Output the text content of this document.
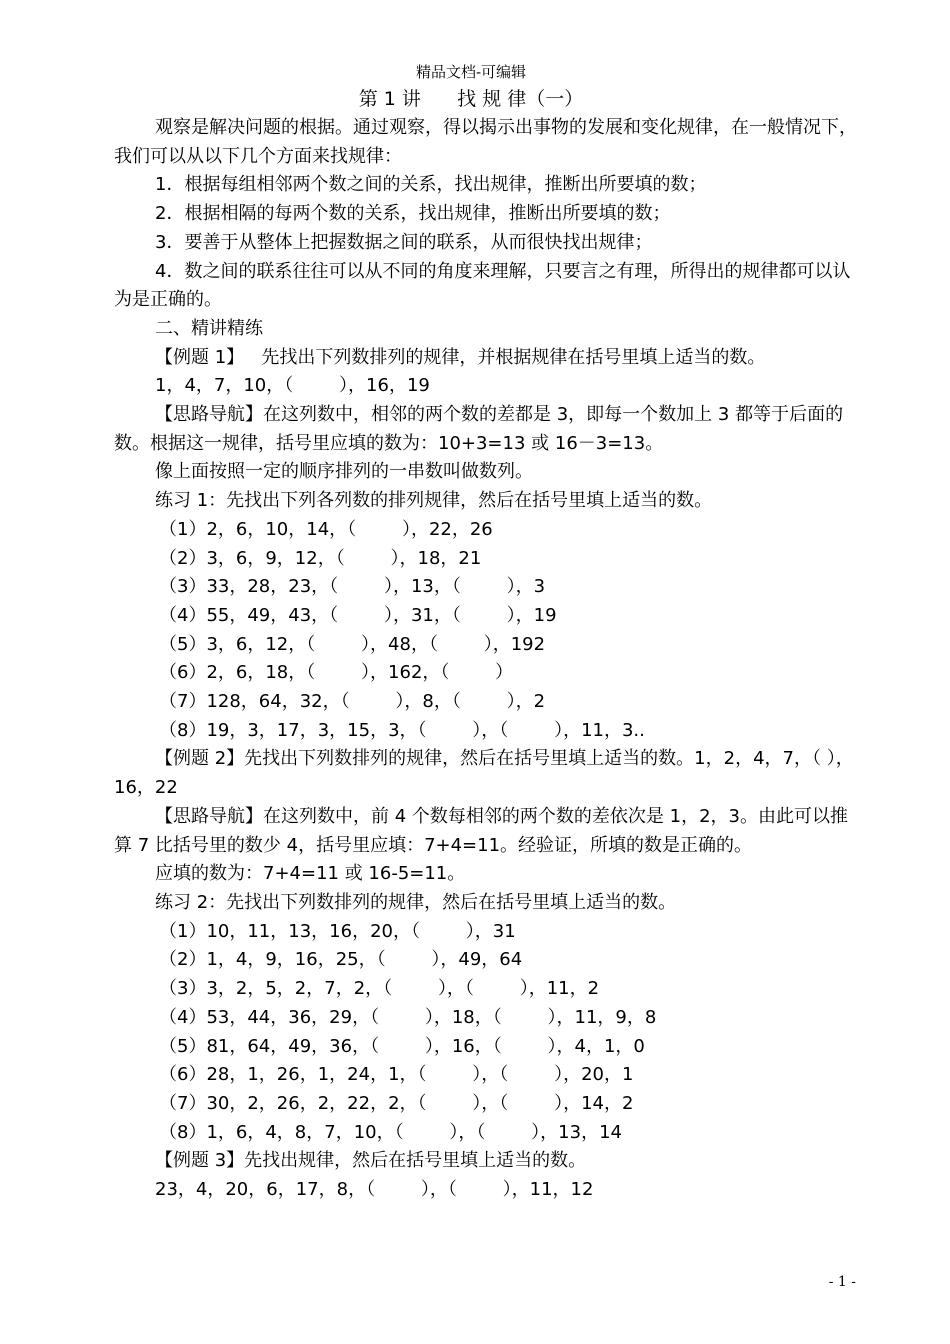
精品文档-可编辑
第 1 讲      找 规 律（一）

观察是解决问题的根据。通过观察，得以揭示出事物的发展和变化规律，在一般情况下，我们可以从以下几个方面来找规律：

1．根据每组相邻两个数之间的关系，找出规律，推断出所要填的数；

2．根据相隔的每两个数的关系，找出规律，推断出所要填的数；

3．要善于从整体上把握数据之间的联系，从而很快找出规律；

4．数之间的联系往往可以从不同的角度来理解，只要言之有理，所得出的规律都可以认为是正确的。

二、精讲精练

【例题 1】   先找出下列数排列的规律，并根据规律在括号里填上适当的数。

1，4，7，10，（        ），16，19

【思路导航】在这列数中，相邻的两个数的差都是 3，即每一个数加上 3 都等于后面的数。根据这一规律，括号里应填的数为：10+3=13 或 16－3=13。

像上面按照一定的顺序排列的一串数叫做数列。

练习 1：先找出下列各列数的排列规律，然后在括号里填上适当的数。

（1）2，6，10，14，（        ），22，26
（2）3，6，9，12，（        ），18，21
（3）33，28，23，（        ），13，（        ），3
（4）55，49，43，（        ），31，（        ），19
（5）3，6，12，（        ），48，（        ），192
（6）2，6，18，（        ），162，（        ）
（7）128，64，32，（        ），8，（        ），2
（8）19，3，17，3，15，3，（        ），（        ），11，3..

【例题 2】先找出下列数排列的规律，然后在括号里填上适当的数。1，2，4，7，（ ），16，22

【思路导航】在这列数中，前 4 个数每相邻的两个数的差依次是 1，2，3。由此可以推算 7 比括号里的数少 4，括号里应填：7+4=11。经验证，所填的数是正确的。

应填的数为：7+4=11 或 16-5=11。

练习 2：先找出下列数排列的规律，然后在括号里填上适当的数。

（1）10，11，13，16，20，（        ），31
（2）1，4，9，16，25，（        ），49，64
（3）3，2，5，2，7，2，（        ），（        ），11，2
（4）53，44，36，29，（        ），18，（        ），11，9，8
（5）81，64，49，36，（        ），16，（        ），4，1，0
（6）28，1，26，1，24，1，（        ），（        ），20，1
（7）30，2，26，2，22，2，（        ），（        ），14，2
（8）1，6，4，8，7，10，（        ），（        ），13，14

【例题 3】先找出规律，然后在括号里填上适当的数。

23，4，20，6，17，8，（        ），（        ），11，12

- 1 -
